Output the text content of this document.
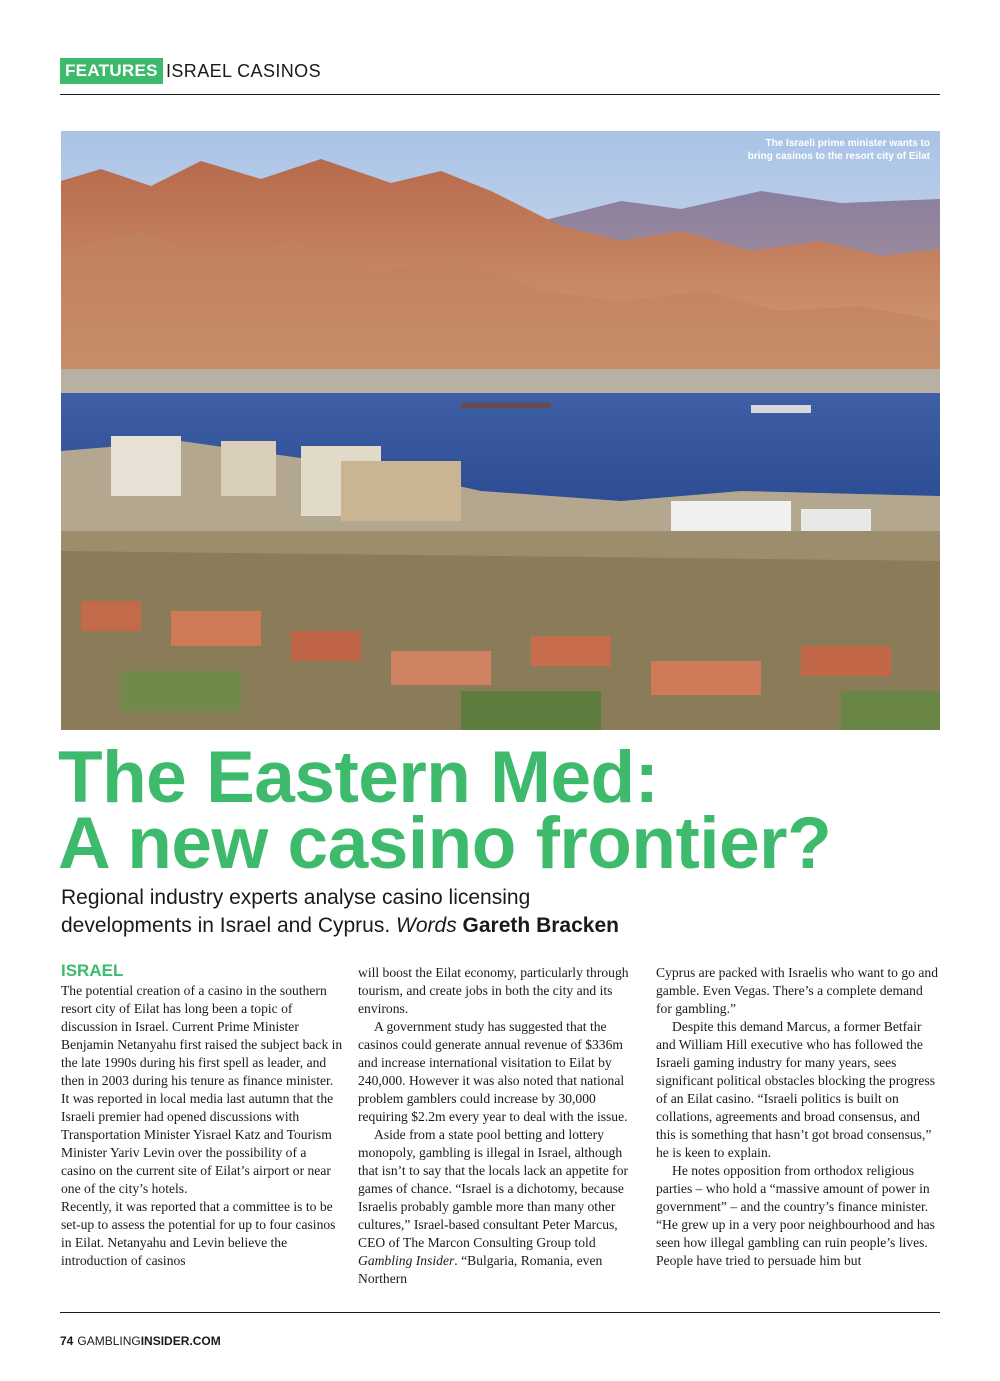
FEATURES ISRAEL CASINOS
The Israeli prime minister wants to
bring casinos to the resort city of Eilat
The Eastern Med:
A new casino frontier?
Regional industry experts analyse casino licensing
developments in Israel and Cyprus. Words Gareth Bracken
ISRAEL

The potential creation of a casino in the southern resort city of Eilat has long been a topic of discussion in Israel. Current Prime Minister Benjamin Netanyahu first raised the subject back in the late 1990s during his first spell as leader, and then in 2003 during his tenure as finance minister. It was reported in local media last autumn that the Israeli premier had opened discussions with Transportation Minister Yisrael Katz and Tourism Minister Yariv Levin over the possibility of a casino on the current site of Eilat’s airport or near one of the city’s hotels.

Recently, it was reported that a committee is to be set-up to assess the potential for up to four casinos in Eilat. Netanyahu and Levin believe the introduction of casinos

will boost the Eilat economy, particularly through tourism, and create jobs in both the city and its environs.

A government study has suggested that the casinos could generate annual revenue of $336m and increase international visitation to Eilat by 240,000. However it was also noted that national problem gamblers could increase by 30,000 requiring $2.2m every year to deal with the issue.

Aside from a state pool betting and lottery monopoly, gambling is illegal in Israel, although that isn’t to say that the locals lack an appetite for games of chance. “Israel is a dichotomy, because Israelis probably gamble more than many other cultures,” Israel-based consultant Peter Marcus, CEO of The Marcon Consulting Group told Gambling Insider. “Bulgaria, Romania, even Northern

Cyprus are packed with Israelis who want to go and gamble. Even Vegas. There’s a complete demand for gambling.”

Despite this demand Marcus, a former Betfair and William Hill executive who has followed the Israeli gaming industry for many years, sees significant political obstacles blocking the progress of an Eilat casino. “Israeli politics is built on collations, agreements and broad consensus, and this is something that hasn’t got broad consensus,” he is keen to explain.

He notes opposition from orthodox religious parties – who hold a “massive amount of power in government” – and the country’s finance minister. “He grew up in a very poor neighbourhood and has seen how illegal gambling can ruin people’s lives. People have tried to persuade him but

74 GAMBLINGINSIDER.COM
